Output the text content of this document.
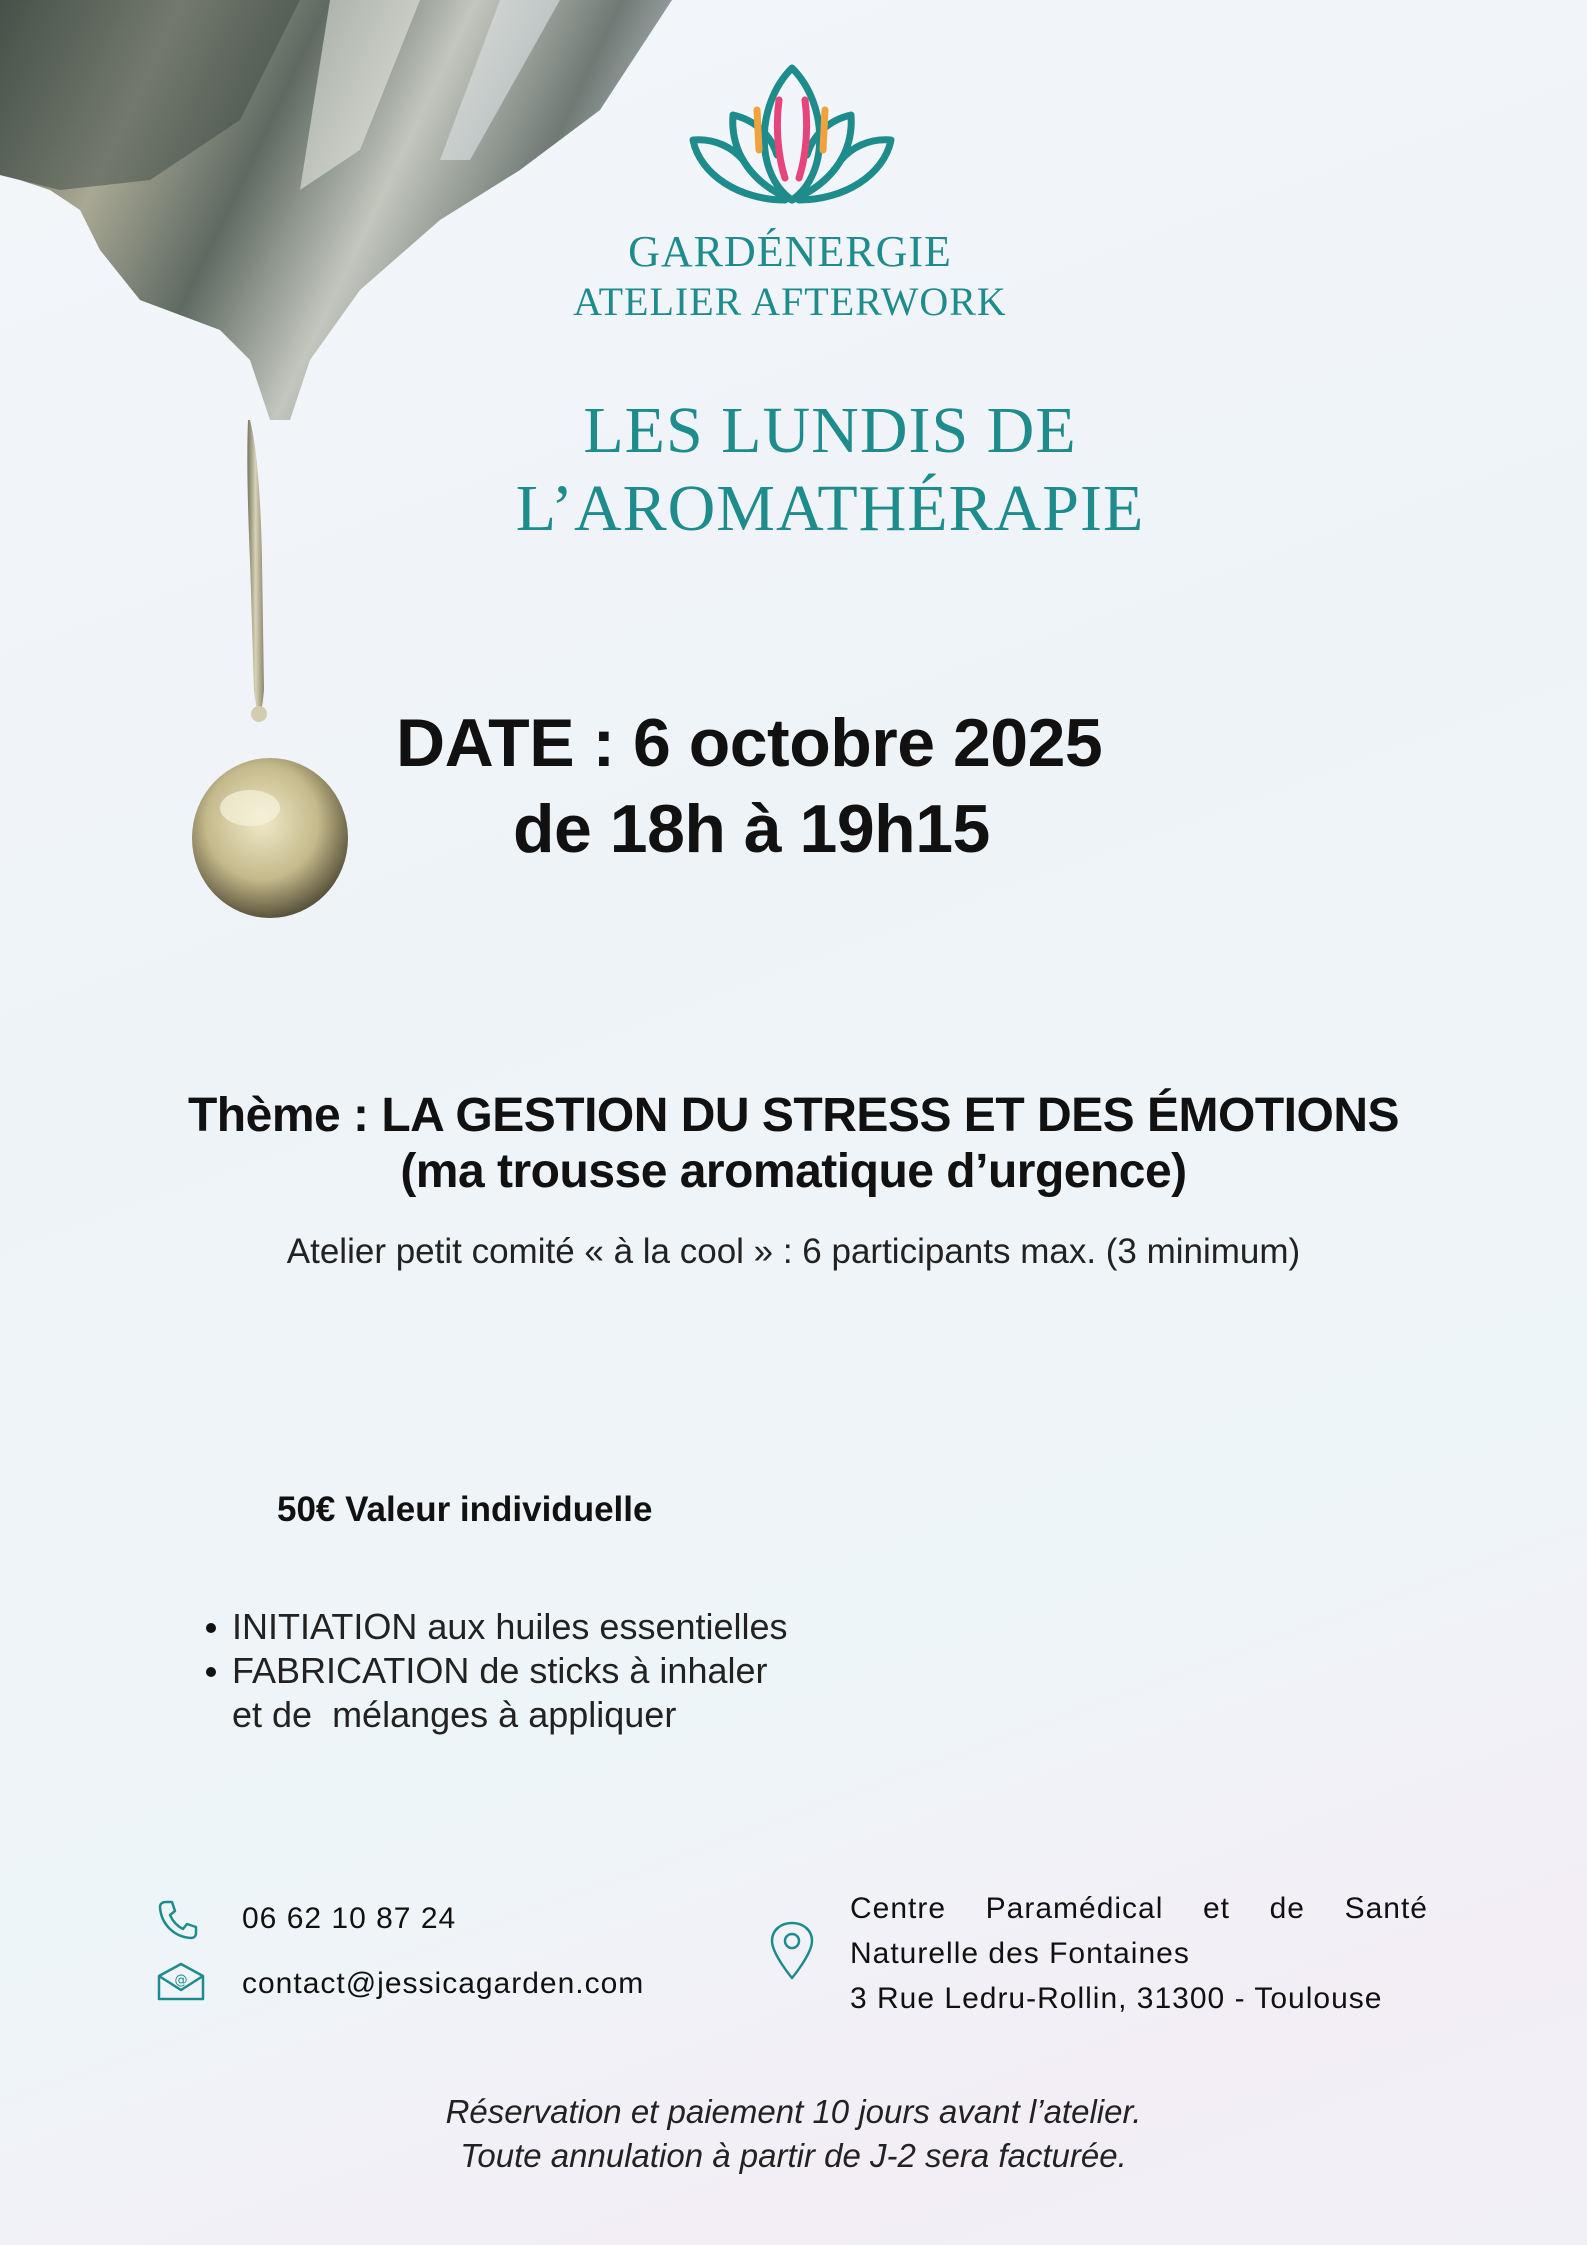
GARDÉNERGIE
ATELIER AFTERWORK
LES LUNDIS DE
L’AROMATHÉRAPIE
DATE : 6 octobre 2025
de 18h à 19h15
Thème : LA GESTION DU STRESS ET DES ÉMOTIONS
(ma trousse aromatique d’urgence)
Atelier petit comité « à la cool » : 6 participants max. (3 minimum)
50€ Valeur individuelle
INITIATION aux huiles essentielles
FABRICATION de sticks à inhaler
et de  mélanges à appliquer
06 62 10 87 24
@ contact@jessicagarden.com
Centre Paramédical et de Santé
Naturelle des Fontaines
3 Rue Ledru-Rollin, 31300 - Toulouse
Réservation et paiement 10 jours avant l’atelier.
Toute annulation à partir de J-2 sera facturée.
